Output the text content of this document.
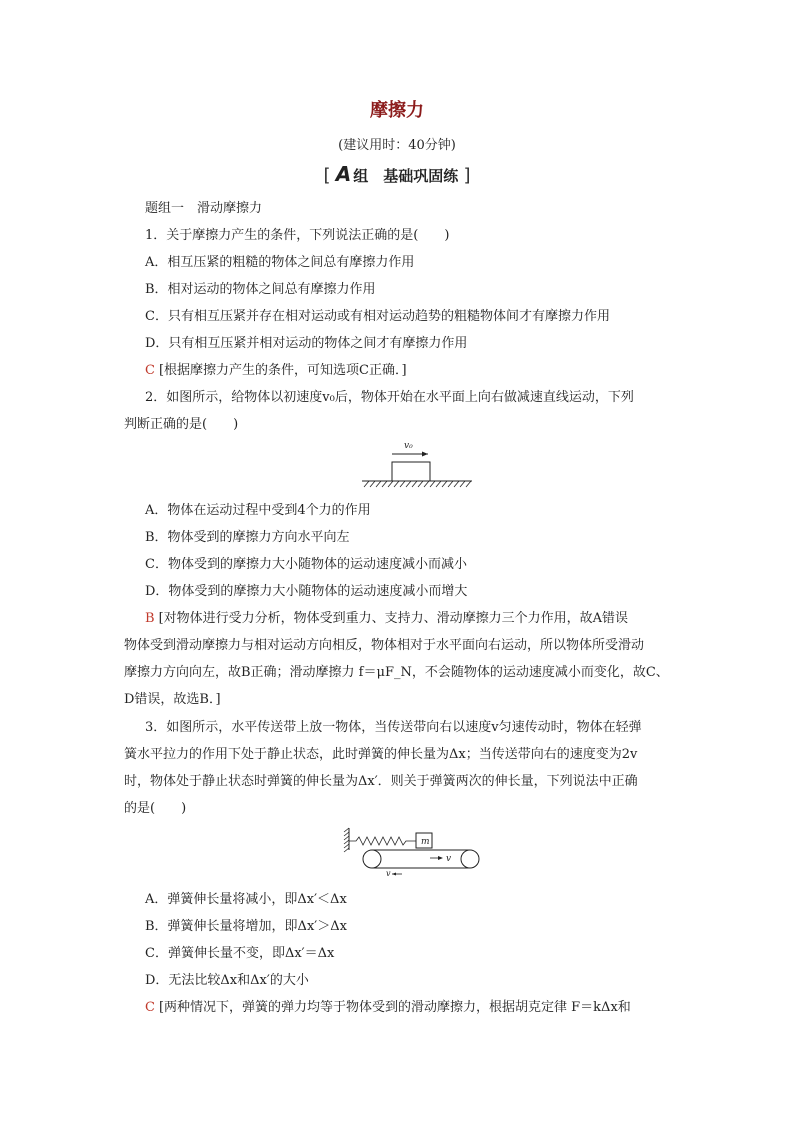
摩擦力
(建议用时：40分钟)
[ A 组　基础巩固练 ]
题组一　滑动摩擦力
1．关于摩擦力产生的条件，下列说法正确的是(　　)
A．相互压紧的粗糙的物体之间总有摩擦力作用
B．相对运动的物体之间总有摩擦力作用
C．只有相互压紧并存在相对运动或有相对运动趋势的粗糙物体间才有摩擦力作用
D．只有相互压紧并相对运动的物体之间才有摩擦力作用
C [根据摩擦力产生的条件，可知选项C正确．]
2．如图所示，给物体以初速度v₀后，物体开始在水平面上向右做减速直线运动，下列
判断正确的是(　　)
v₀
A．物体在运动过程中受到4个力的作用
B．物体受到的摩擦力方向水平向左
C．物体受到的摩擦力大小随物体的运动速度减小而减小
D．物体受到的摩擦力大小随物体的运动速度减小而增大
B [对物体进行受力分析，物体受到重力、支持力、滑动摩擦力三个力作用，故A错误
物体受到滑动摩擦力与相对运动方向相反，物体相对于水平面向右运动，所以物体所受滑动
摩擦力方向向左，故B正确；滑动摩擦力 f＝μF_N，不会随物体的运动速度减小而变化，故C、
D错误，故选B．]
3．如图所示，水平传送带上放一物体，当传送带向右以速度v匀速传动时，物体在轻弹
簧水平拉力的作用下处于静止状态，此时弹簧的伸长量为Δx；当传送带向右的速度变为2v
时，物体处于静止状态时弹簧的伸长量为Δx′．则关于弹簧两次的伸长量，下列说法中正确
的是(　　)
m
v
v
A．弹簧伸长量将减小，即Δx′＜Δx
B．弹簧伸长量将增加，即Δx′＞Δx
C．弹簧伸长量不变，即Δx′＝Δx
D．无法比较Δx和Δx′的大小
C [两种情况下，弹簧的弹力均等于物体受到的滑动摩擦力，根据胡克定律 F＝kΔx和
